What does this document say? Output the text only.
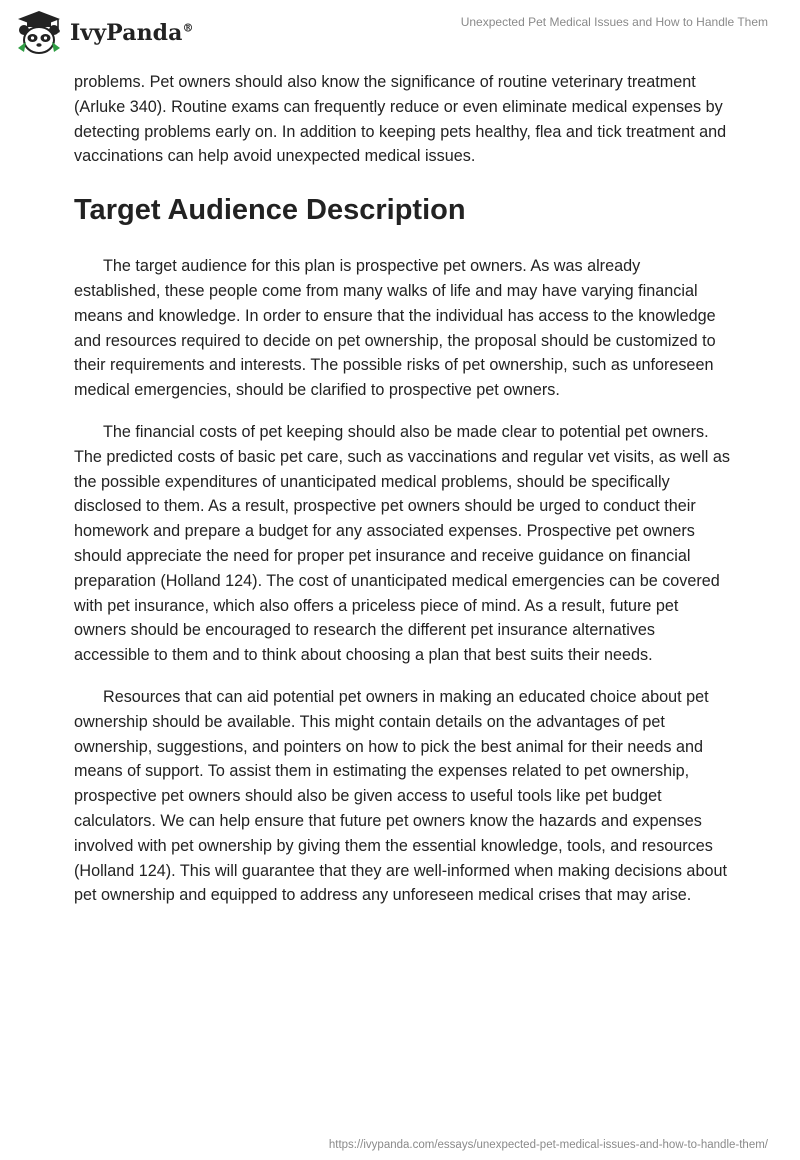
IvyPanda®	Unexpected Pet Medical Issues and How to Handle Them

problems. Pet owners should also know the significance of routine veterinary treatment (Arluke 340). Routine exams can frequently reduce or even eliminate medical expenses by detecting problems early on. In addition to keeping pets healthy, flea and tick treatment and vaccinations can help avoid unexpected medical issues.

Target Audience Description

The target audience for this plan is prospective pet owners. As was already established, these people come from many walks of life and may have varying financial means and knowledge. In order to ensure that the individual has access to the knowledge and resources required to decide on pet ownership, the proposal should be customized to their requirements and interests. The possible risks of pet ownership, such as unforeseen medical emergencies, should be clarified to prospective pet owners.

The financial costs of pet keeping should also be made clear to potential pet owners. The predicted costs of basic pet care, such as vaccinations and regular vet visits, as well as the possible expenditures of unanticipated medical problems, should be specifically disclosed to them. As a result, prospective pet owners should be urged to conduct their homework and prepare a budget for any associated expenses. Prospective pet owners should appreciate the need for proper pet insurance and receive guidance on financial preparation (Holland 124). The cost of unanticipated medical emergencies can be covered with pet insurance, which also offers a priceless piece of mind. As a result, future pet owners should be encouraged to research the different pet insurance alternatives accessible to them and to think about choosing a plan that best suits their needs.

Resources that can aid potential pet owners in making an educated choice about pet ownership should be available. This might contain details on the advantages of pet ownership, suggestions, and pointers on how to pick the best animal for their needs and means of support. To assist them in estimating the expenses related to pet ownership, prospective pet owners should also be given access to useful tools like pet budget calculators. We can help ensure that future pet owners know the hazards and expenses involved with pet ownership by giving them the essential knowledge, tools, and resources (Holland 124). This will guarantee that they are well-informed when making decisions about pet ownership and equipped to address any unforeseen medical crises that may arise.

https://ivypanda.com/essays/unexpected-pet-medical-issues-and-how-to-handle-them/
